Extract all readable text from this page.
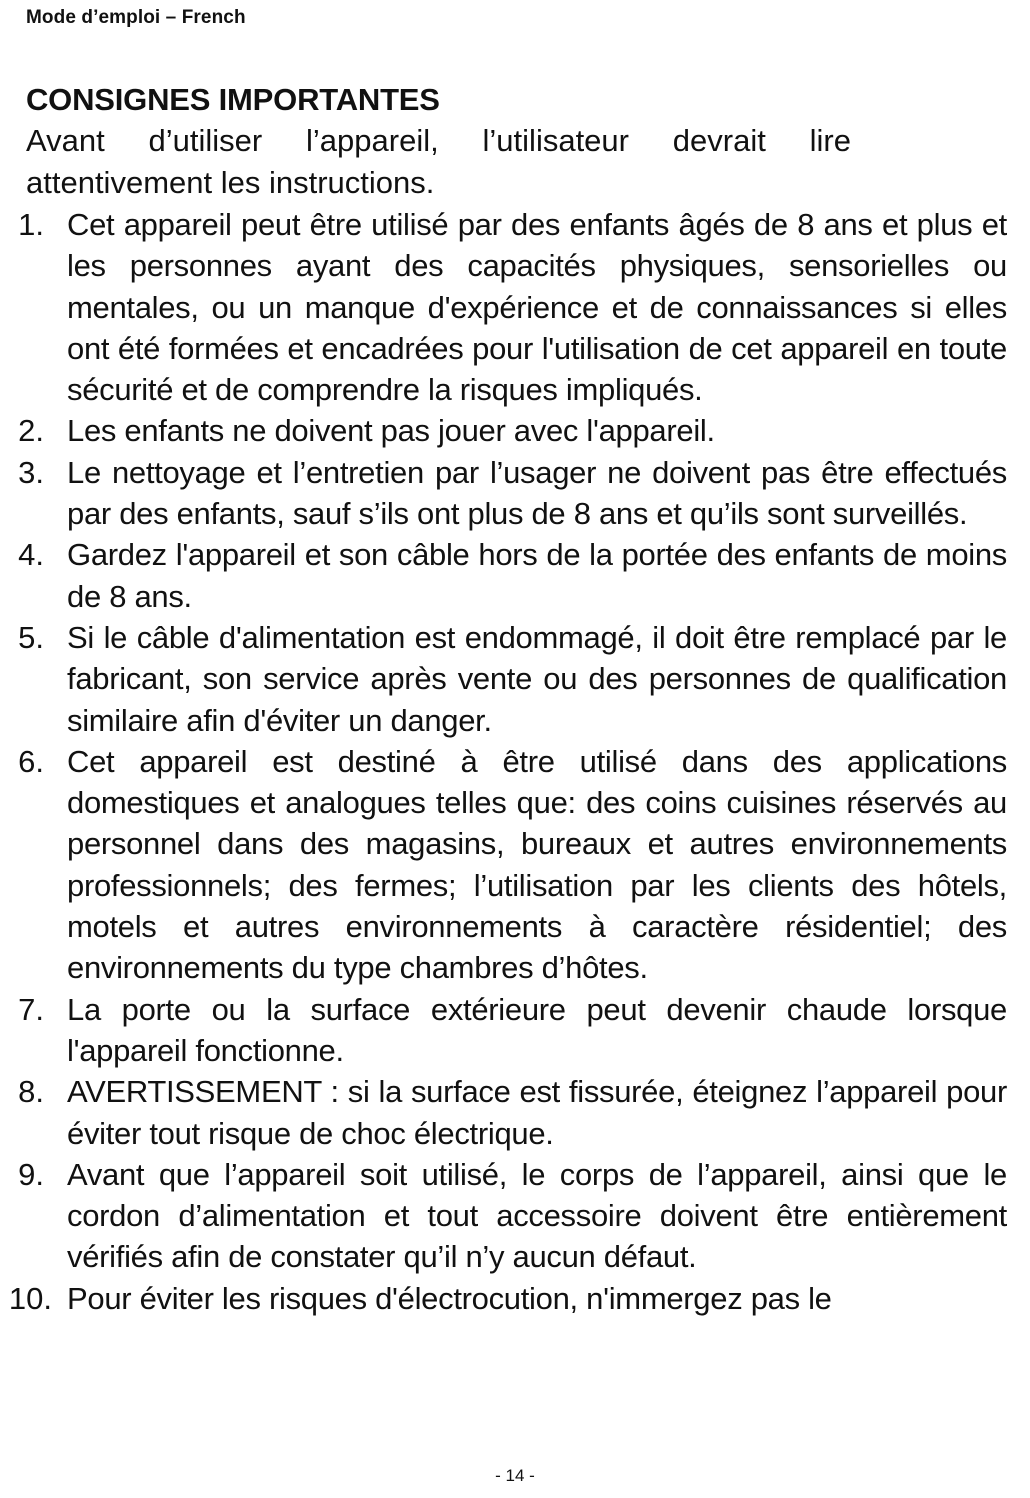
Mode d’emploi – French
CONSIGNES IMPORTANTES

Avant d’utiliser l’appareil, l’utilisateur devrait lire attentivement les instructions.

1. Cet appareil peut être utilisé par des enfants âgés de 8 ans et plus et les personnes ayant des capacités physiques, sensorielles ou mentales, ou un manque d'expérience et de connaissances si elles ont été formées et encadrées pour l'utilisation de cet appareil en toute sécurité et de comprendre la risques impliqués.
2. Les enfants ne doivent pas jouer avec l'appareil.
3. Le nettoyage et l’entretien par l’usager ne doivent pas être effectués par des enfants, sauf s’ils ont plus de 8 ans et qu’ils sont surveillés.
4. Gardez l'appareil et son câble hors de la portée des enfants de moins de 8 ans.
5. Si le câble d'alimentation est endommagé, il doit être remplacé par le fabricant, son service après vente ou des personnes de qualification similaire afin d'éviter un danger.
6. Cet appareil est destiné à être utilisé dans des applications domestiques et analogues telles que: des coins cuisines réservés au personnel dans des magasins, bureaux et autres environnements professionnels; des fermes; l’utilisation par les clients des hôtels, motels et autres environnements à caractère résidentiel; des environnements du type chambres d’hôtes.
7. La porte ou la surface extérieure peut devenir chaude lorsque l'appareil fonctionne.
8. AVERTISSEMENT : si la surface est fissurée, éteignez l’appareil pour éviter tout risque de choc électrique.
9. Avant que l’appareil soit utilisé, le corps de l’appareil, ainsi que le cordon d’alimentation et tout accessoire doivent être entièrement vérifiés afin de constater qu’il n’y aucun défaut.
10. Pour éviter les risques d'électrocution, n'immergez pas le
- 14 -
